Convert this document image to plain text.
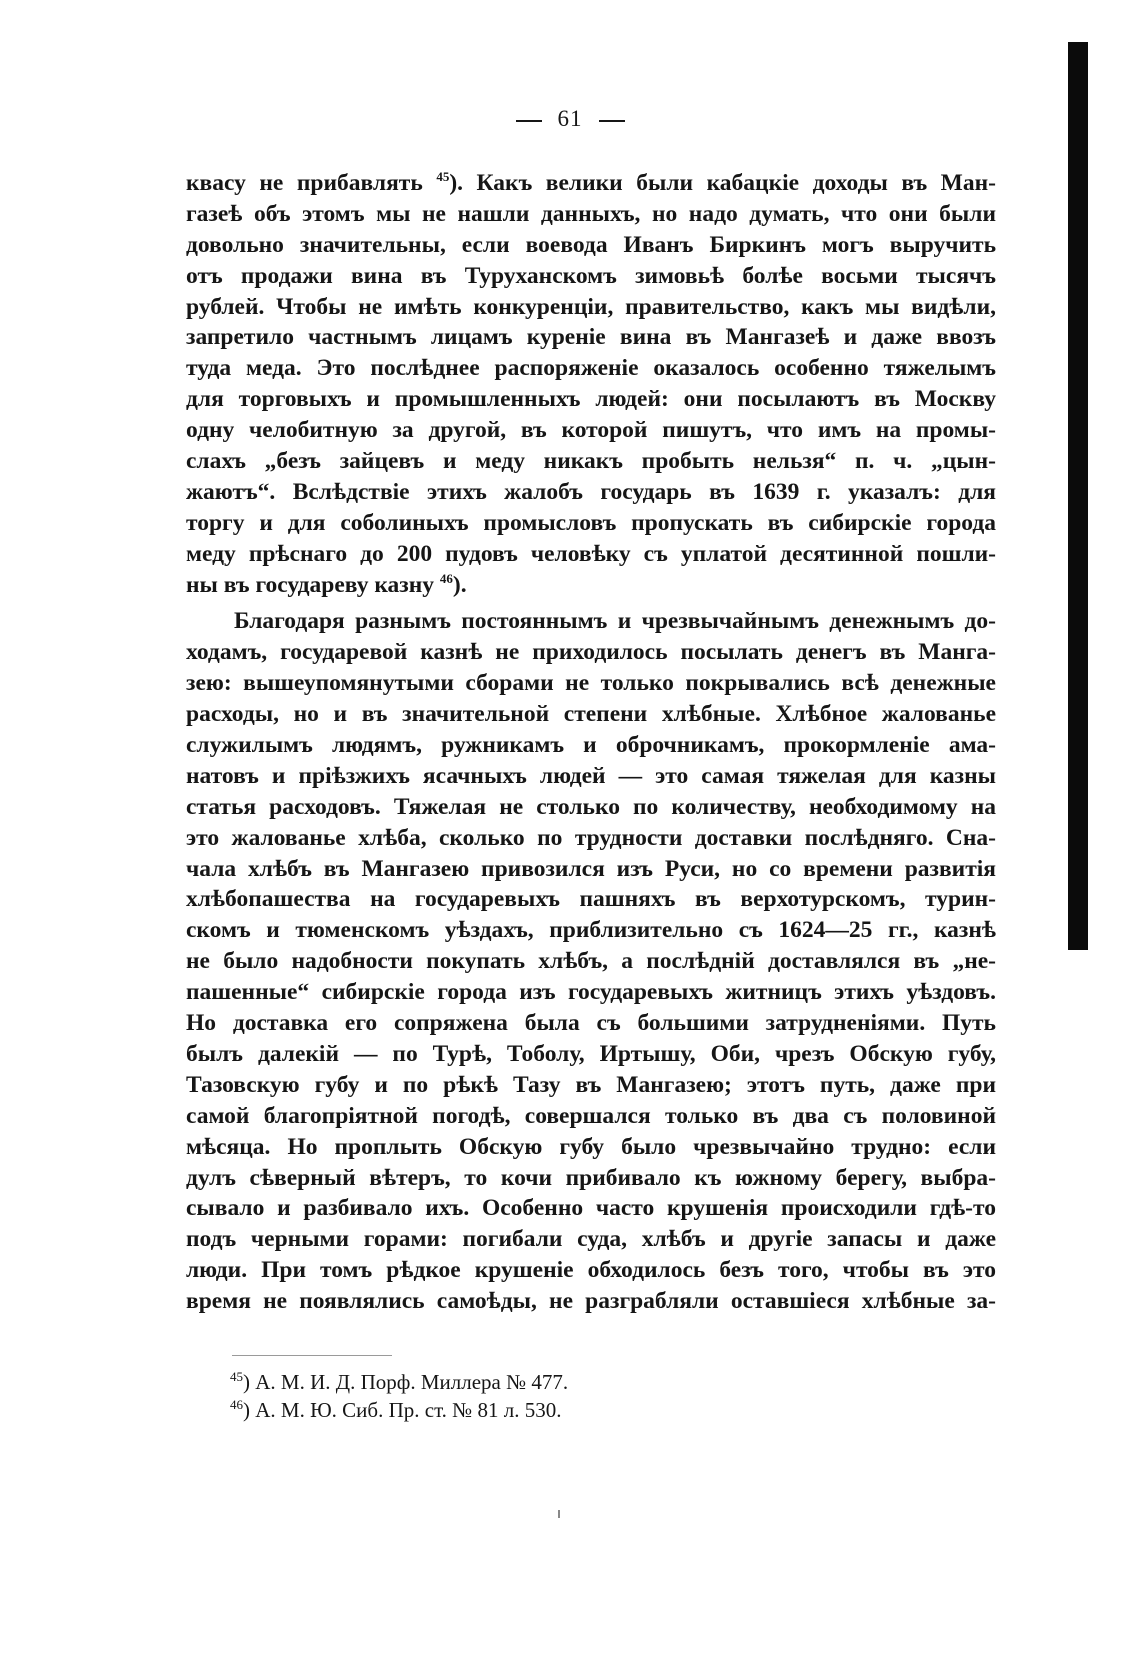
61
квасу не прибавлять $^{45}$). Какъ велики были кабацкіе доходы въ Ман-
газеѣ объ этомъ мы не нашли данныхъ, но надо думать, что они были
довольно значительны, если воевода Иванъ Биркинъ могъ выручить
отъ продажи вина въ Туруханскомъ зимовьѣ болѣе восьми тысячъ
рублей. Чтобы не имѣть конкуренціи, правительство, какъ мы видѣли,
запретило частнымъ лицамъ куреніе вина въ Мангазеѣ и даже ввозъ
туда меда. Это послѣднее распоряженіе оказалось особенно тяжелымъ
для торговыхъ и промышленныхъ людей: они посылаютъ въ Москву
одну челобитную за другой, въ которой пишутъ, что имъ на промы-
слахъ „безъ зайцевъ и меду никакъ пробыть нельзя“ п. ч. „цын-
жаютъ“. Вслѣдствіе этихъ жалобъ государь въ 1639 г. указалъ: для
торгу и для соболиныхъ промысловъ пропускать въ сибирскіе города
меду прѣснаго до 200 пудовъ человѣку съ уплатой десятинной пошли-
ны въ государеву казну $^{46}$).
Благодаря разнымъ постояннымъ и чрезвычайнымъ денежнымъ до-
ходамъ, государевой казнѣ не приходилось посылать денегъ въ Манга-
зею: вышеупомянутыми сборами не только покрывались всѣ денежные
расходы, но и въ значительной степени хлѣбные. Хлѣбное жалованье
служилымъ людямъ, ружникамъ и оброчникамъ, прокормленіе ама-
натовъ и пріѣзжихъ ясачныхъ людей — это самая тяжелая для казны
статья расходовъ. Тяжелая не столько по количеству, необходимому на
это жалованье хлѣба, сколько по трудности доставки послѣдняго. Сна-
чала хлѣбъ въ Мангазею привозился изъ Руси, но со времени развитія
хлѣбопашества на государевыхъ пашняхъ въ верхотурскомъ, турин-
скомъ и тюменскомъ уѣздахъ, приблизительно съ 1624—25 гг., казнѣ
не было надобности покупать хлѣбъ, а послѣдній доставлялся въ „не-
пашенные“ сибирскіе города изъ государевыхъ житницъ этихъ уѣздовъ.
Но доставка его сопряжена была съ большими затрудненіями. Путь
былъ далекій — по Турѣ, Тоболу, Иртышу, Оби, чрезъ Обскую губу,
Тазовскую губу и по рѣкѣ Тазу въ Мангазею; этотъ путь, даже при
самой благопріятной погодѣ, совершался только въ два съ половиной
мѣсяца. Но проплыть Обскую губу было чрезвычайно трудно: если
дулъ сѣверный вѣтеръ, то кочи прибивало къ южному берегу, выбра-
сывало и разбивало ихъ. Особенно часто крушенія происходили гдѣ-то
подъ черными горами: погибали суда, хлѣбъ и другіе запасы и даже
люди. При томъ рѣдкое крушеніе обходилось безъ того, чтобы въ это
время не появлялись самоѣды, не разграбляли оставшіеся хлѣбные за-
$^{45}$) А. М. И. Д. Порф. Миллера № 477.
$^{46}$) А. М. Ю. Сиб. Пр. ст. № 81 л. 530.
